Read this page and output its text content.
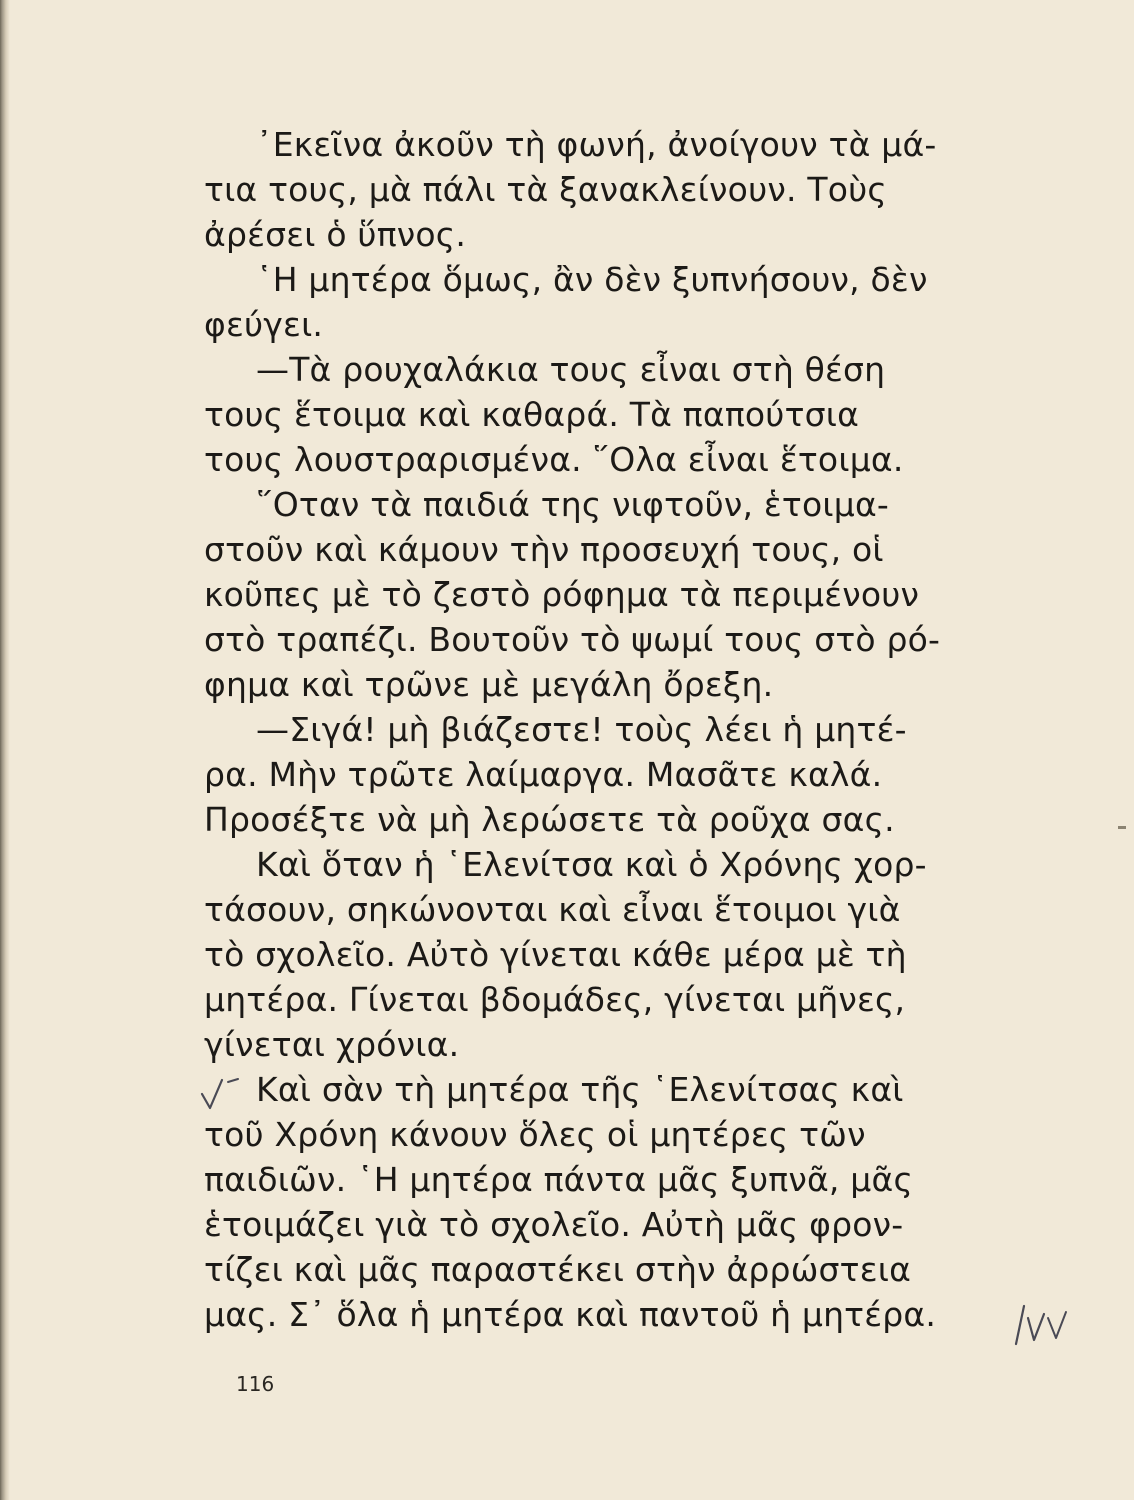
᾿Εκεῖνα ἀκοῦν τὴ φωνή, ἀνοίγουν τὰ μά-
τια τους, μὰ πάλι τὰ ξανακλείνουν. Τοὺς
ἀρέσει ὁ ὕπνος.
῾Η μητέρα ὅμως, ἂν δὲν ξυπνήσουν, δὲν
φεύγει.
—Τὰ ρουχαλάκια τους εἶναι στὴ θέση
τους ἕτοιμα καὶ καθαρά. Τὰ παπούτσια
τους λουστραρισμένα. ῞Ολα εἶναι ἕτοιμα.
῞Οταν τὰ παιδιά της νιφτοῦν, ἑτοιμα-
στοῦν καὶ κάμουν τὴν προσευχή τους, οἱ
κοῦπες μὲ τὸ ζεστὸ ρόφημα τὰ περιμένουν
στὸ τραπέζι. Βουτοῦν τὸ ψωμί τους στὸ ρό-
φημα καὶ τρῶνε μὲ μεγάλη ὄρεξη.
—Σιγά! μὴ βιάζεστε! τοὺς λέει ἡ μητέ-
ρα. Μὴν τρῶτε λαίμαργα. Μασᾶτε καλά.
Προσέξτε νὰ μὴ λερώσετε τὰ ροῦχα σας.
Καὶ ὅταν ἡ ῾Ελενίτσα καὶ ὁ Χρόνης χορ-
τάσουν, σηκώνονται καὶ εἶναι ἕτοιμοι γιὰ
τὸ σχολεῖο. Αὐτὸ γίνεται κάθε μέρα μὲ τὴ
μητέρα. Γίνεται βδομάδες, γίνεται μῆνες,
γίνεται χρόνια.
Καὶ σὰν τὴ μητέρα τῆς ῾Ελενίτσας καὶ
τοῦ Χρόνη κάνουν ὅλες οἱ μητέρες τῶν
παιδιῶν. ῾Η μητέρα πάντα μᾶς ξυπνᾶ, μᾶς
ἑτοιμάζει γιὰ τὸ σχολεῖο. Αὐτὴ μᾶς φρον-
τίζει καὶ μᾶς παραστέκει στὴν ἀρρώστεια
μας. Σ᾿ ὅλα ἡ μητέρα καὶ παντοῦ ἡ μητέρα.
116
